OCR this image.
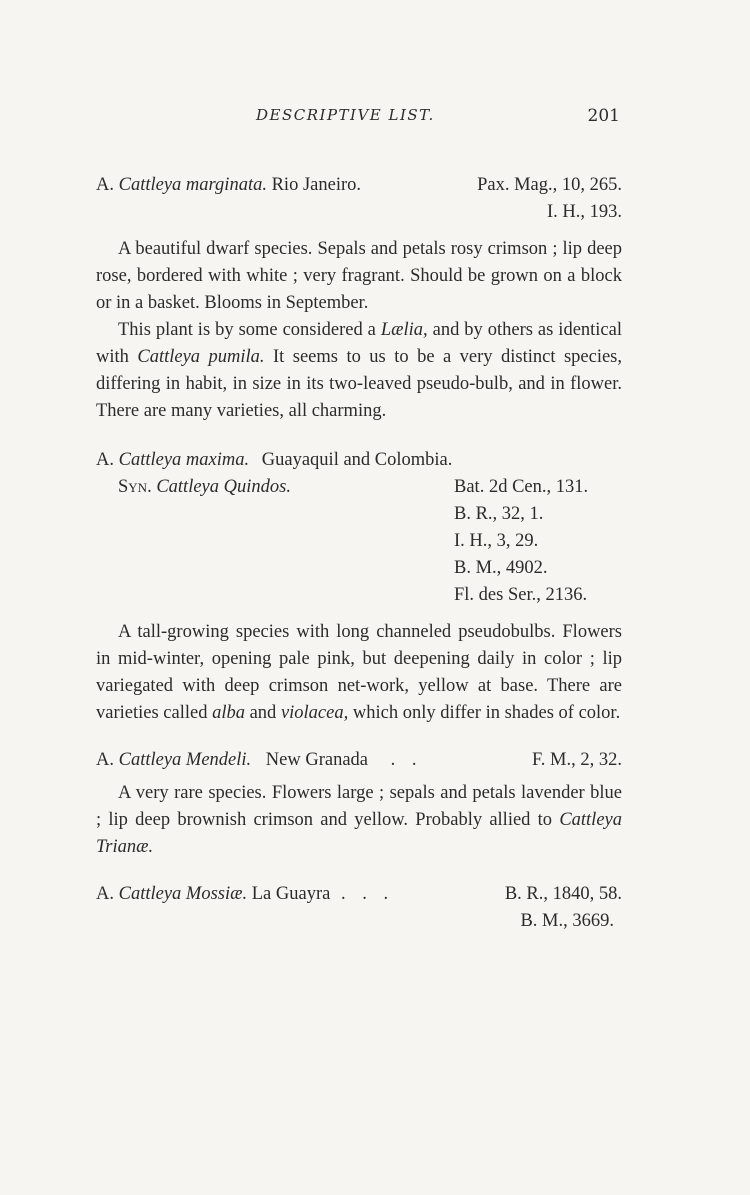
DESCRIPTIVE LIST.	201
A. Cattleya marginata. Rio Janeiro.	Pax. Mag., 10, 265.
I. H., 193.

A beautiful dwarf species. Sepals and petals rosy crimson ; lip deep rose, bordered with white ; very fragrant. Should be grown on a block or in a basket. Blooms in September.

This plant is by some considered a Lælia, and by others as identical with Cattleya pumila. It seems to us to be a very distinct species, differing in habit, in size in its two-leaved pseudo-bulb, and in flower. There are many varieties, all charming.

A. Cattleya maxima. Guayaquil and Colombia.
Syn. Cattleya Quindos.	Bat. 2d Cen., 131.
B. R., 32, 1.
I. H., 3, 29.
B. M., 4902.
Fl. des Ser., 2136.

A tall-growing species with long channeled pseudobulbs. Flowers in mid-winter, opening pale pink, but deepening daily in color ; lip variegated with deep crimson net-work, yellow at base. There are varieties called alba and violacea, which only differ in shades of color.

A. Cattleya Mendeli. New Granada . .	F. M., 2, 32.

A very rare species. Flowers large ; sepals and petals lavender blue ; lip deep brownish crimson and yellow. Probably allied to Cattleya Trianæ.

A. Cattleya Mossiæ. La Guayra . . .	B. R., 1840, 58.
B. M., 3669.
